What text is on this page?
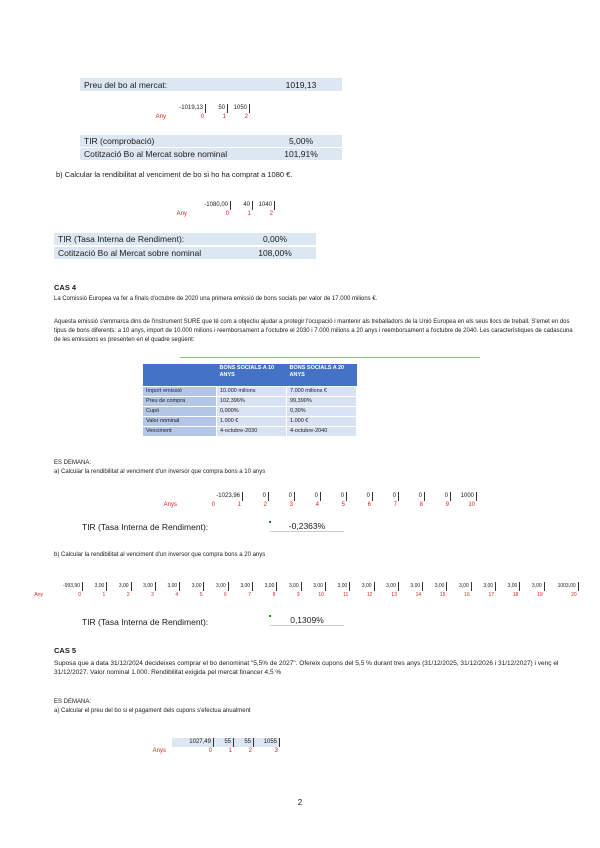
Preu del bo al mercat:	1019,13
-1019,13	50	1050
Any	0	1	2
TIR (comprobació)	5,00%
Cotització Bo al Mercat sobre nominal	101,91%
b) Calcular la rendibilitat al venciment de bo si ho ha comprat a 1080 €.
-1080,00	40	1040
Any	0	1	2
TIR (Tasa Interna de Rendiment):	0,00%
Cotització Bo al Mercat sobre nominal	108,00%
CAS 4
La Comissió Europea va fer a finals d'octubre de 2020 una primera emissió de bons socials per valor de 17.000 milions €.
Aquesta emissió s'emmarca dins de l'instrument SURE que té com a objectiu ajudar a protegir l'ocupació i mantenir als treballadors de la Unió Europea en els seus llocs de treball. S'emet en dos tipus de bons diferents: a 10 anys, import de 10.000 milions i reemborsament a l'octubre el 2030 i 7.000 milions a 20 anys i reemborsament a l'octubre de 2040. Les característiques de cadascuna de les emissions es presenten en el quadre següent:
	BONS SOCIALS A 10 ANYS	BONS SOCIALS A 20 ANYS
Import emissió	10.000 milions	7.000 milions €
Preu de compra	102,396%	99,390%
Cupó	0,000%	0,30%
Valor nominal	1.000 €	1.000 €
Venciment	4-octubre-2030	4-octubre-2040
ES DEMANA:
a) Calcular la rendibilitat al venciment d'un inversor que compra bons a 10 anys
-1023,96	0	0	0	0	0	0	0	0	1000
Anys	0	1	2	3	4	5	6	7	8	9	10
TIR (Tasa Interna de Rendiment):	-0,2363%
b) Calcular la rendibilitat al venciment d'un inversor que compra bons a 20 anys
-993,90	3,00	3,00	3,00	3,00	3,00	3,00	3,00	3,00	3,00	3,00	3,00	3,00	3,00	3,00	3,00	3,00	3,00	3,00	3,00	1003,00
Any	0	1	2	3	4	5	6	7	8	9	10	11	12	13	14	15	16	17	18	19	20
TIR (Tasa Interna de Rendiment):	0,1309%
CAS 5
Suposa que a data 31/12/2024 decideixes comprar el bo denominat "5,5% de 2027". Ofereix cupons del 5,5 % durant tres anys (31/12/2025, 31/12/2026 i 31/12/2027) i venç el 31/12/2027. Valor nominal 1.000. Rendibilitat exigida pel mercat financer 4,5 %
ES DEMANA:
a) Calcular el preu del bo si el pagament dels cupons s'efectua anualment
1027,49	55	55	1055
Anys	0	1	2	3
2
